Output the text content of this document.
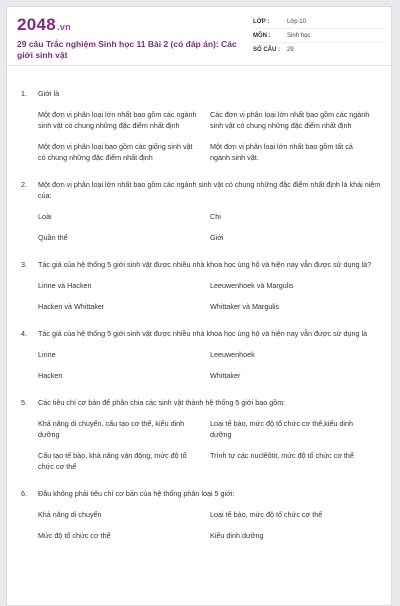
2048.vn
29 câu Trắc nghiệm Sinh học 11 Bài 2 (có đáp án): Các giới sinh vật
LỚP :	Lớp 10
MÔN :	Sinh học
SỐ CÂU :	29
1.	Giới là
Một đơn vị phân loại lớn nhất bao gồm các ngành sinh vật có chung những đặc điểm nhất định
Các đơn vị phân loại lớn nhất bao gồm các ngành sinh vật có chung những đặc điểm nhất định
Một đơn vị phân loại bao gồm các giống sinh vật có chung những đặc điểm nhất định
Một đơn vị phân loại lớn nhất bao gồm tất cả ngành sinh vật.
2.	Một đơn vị phân loại lớn nhất bao gồm các ngành sinh vật có chung những đặc điểm nhất định là khái niệm của:
Loài	Chi
Quần thể	Giới
3.	Tác giả của hệ thống 5 giới sinh vật được nhiều nhà khoa học ủng hộ và hiện nay vẫn được sử dụng là?
Linne và Hacken	Leeuwenhoek và Margulis
Hacken và Whittaker	Whittaker và Margulis
4.	Tác giả của hệ thống 5 giới sinh vật được nhiều nhà khoa học ủng hộ và hiện nay vẫn được sử dụng là
Linne	Leeuwenhoek
Hacken	Whittaker
5.	Các tiêu chí cơ bản để phân chia các sinh vật thành hệ thống 5 giới bao gồm:
Khả năng di chuyển, cấu tạo cơ thể, kiểu dinh dưỡng
Loại tế bào, mức độ tổ chức cơ thể,kiểu dinh dưỡng
Cấu tạo tế bào, khả năng vận động, mức độ tổ chức cơ thể
Trình tự các nuclêôtit, mức độ tổ chức cơ thể
6.	Đâu không phải tiêu chí cơ bản của hệ thống phân loại 5 giới:
Khả năng di chuyển	Loại tế bào, mức độ tổ chức cơ thể
Mức độ tổ chức cơ thể	Kiểu dinh dưỡng
